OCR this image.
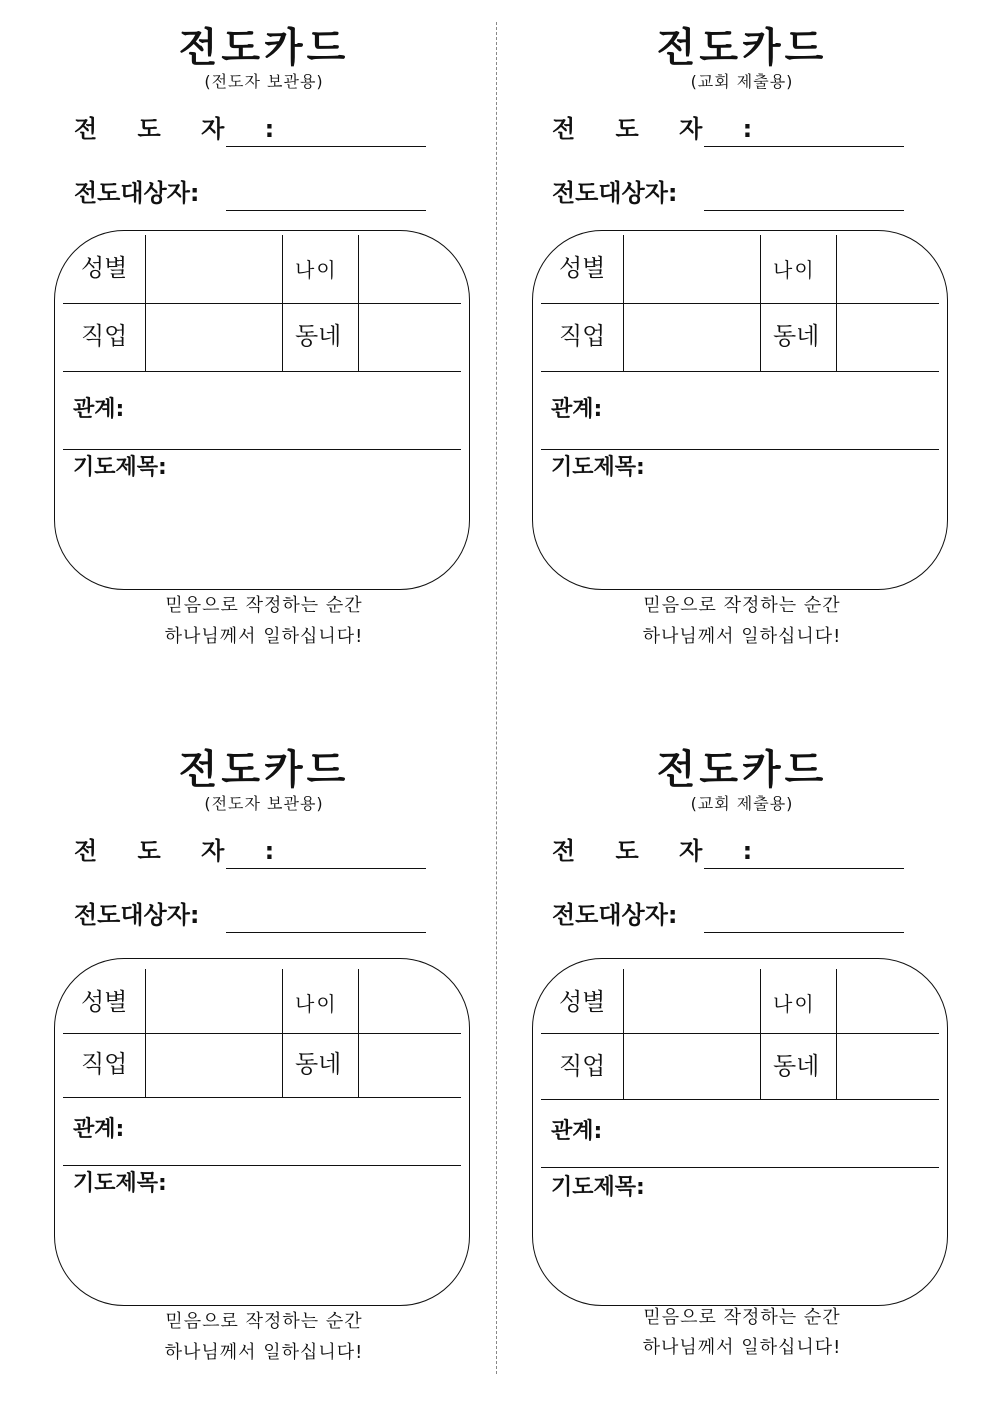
전도카드
(전도자 보관용)
전 도 자 :
전도대상자:
성별	나이
직업	동네
관계:
기도제목:
믿음으로 작정하는 순간
하나님께서 일하십니다!
전도카드
(교회 제출용)
전 도 자 :
전도대상자:
성별	나이
직업	동네
관계:
기도제목:
믿음으로 작정하는 순간
하나님께서 일하십니다!
전도카드
(전도자 보관용)
전 도 자 :
전도대상자:
성별	나이
직업	동네
관계:
기도제목:
믿음으로 작정하는 순간
하나님께서 일하십니다!
전도카드
(교회 제출용)
전 도 자 :
전도대상자:
성별	나이
직업	동네
관계:
기도제목:
믿음으로 작정하는 순간
하나님께서 일하십니다!
